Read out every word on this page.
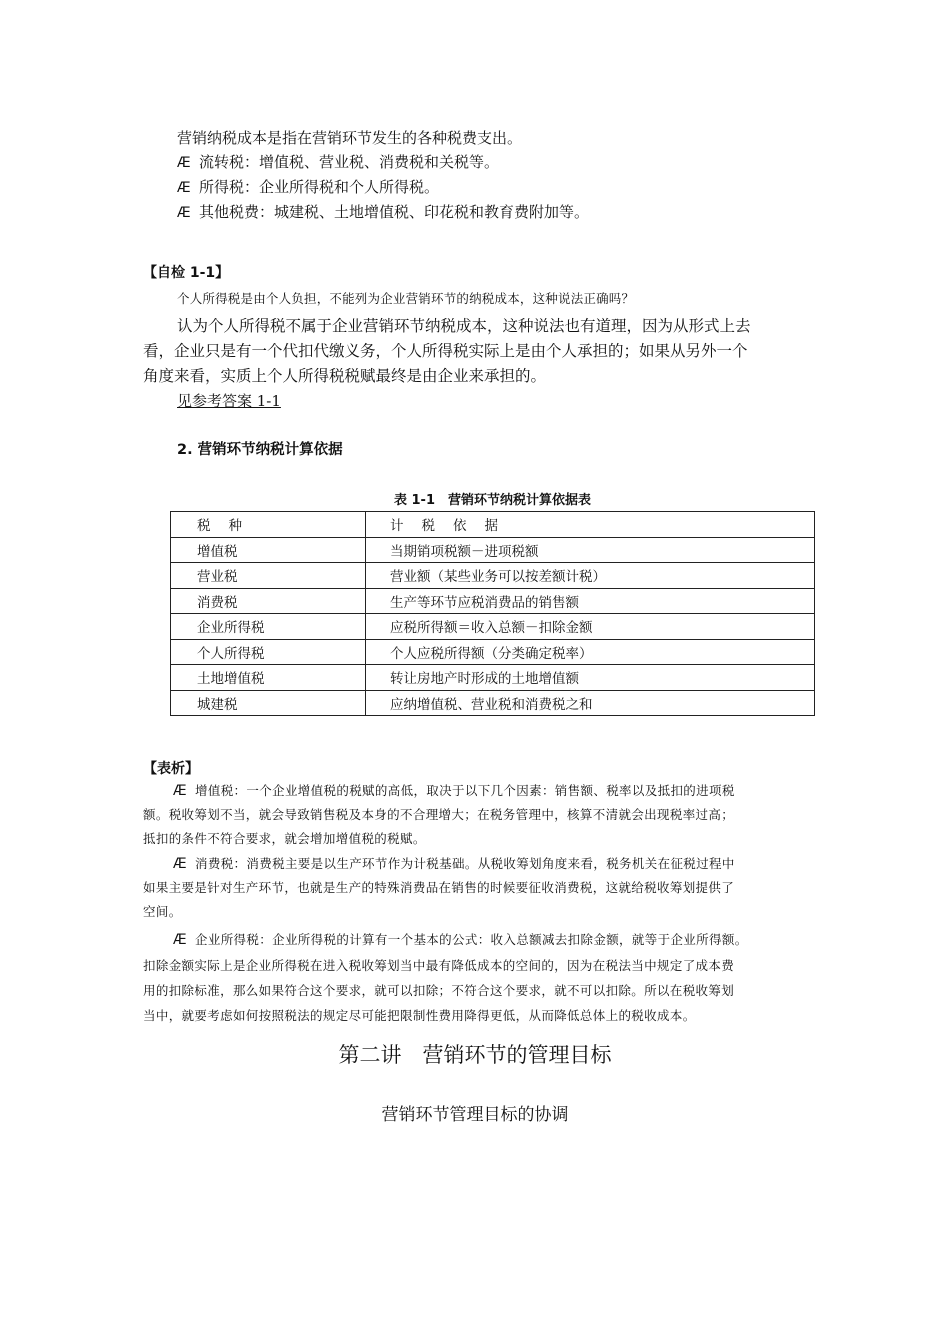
营销纳税成本是指在营销环节发生的各种税费支出。
Æ 流转税：增值税、营业税、消费税和关税等。
Æ 所得税：企业所得税和个人所得税。
Æ 其他税费：城建税、土地增值税、印花税和教育费附加等。
【自检 1-1】
个人所得税是由个人负担，不能列为企业营销环节的纳税成本，这种说法正确吗？
认为个人所得税不属于企业营销环节纳税成本，这种说法也有道理，因为从形式上去
看，企业只是有一个代扣代缴义务，个人所得税实际上是由个人承担的；如果从另外一个
角度来看，实质上个人所得税税赋最终是由企业来承担的。
见参考答案 1-1
2. 营销环节纳税计算依据
表 1-1　营销环节纳税计算依据表
税种	计税依据
增值税	当期销项税额－进项税额
营业税	营业额（某些业务可以按差额计税）
消费税	生产等环节应税消费品的销售额
企业所得税	应税所得额＝收入总额－扣除金额
个人所得税	个人应税所得额（分类确定税率）
土地增值税	转让房地产时形成的土地增值额
城建税	应纳增值税、营业税和消费税之和
【表析】
Æ 增值税：一个企业增值税的税赋的高低，取决于以下几个因素：销售额、税率以及抵扣的进项税
额。税收筹划不当，就会导致销售税及本身的不合理增大；在税务管理中，核算不清就会出现税率过高；
抵扣的条件不符合要求，就会增加增值税的税赋。
Æ 消费税：消费税主要是以生产环节作为计税基础。从税收筹划角度来看，税务机关在征税过程中
如果主要是针对生产环节，也就是生产的特殊消费品在销售的时候要征收消费税，这就给税收筹划提供了
空间。
Æ 企业所得税：企业所得税的计算有一个基本的公式：收入总额减去扣除金额，就等于企业所得额。
扣除金额实际上是企业所得税在进入税收筹划当中最有降低成本的空间的，因为在税法当中规定了成本费
用的扣除标准，那么如果符合这个要求，就可以扣除；不符合这个要求，就不可以扣除。所以在税收筹划
当中，就要考虑如何按照税法的规定尽可能把限制性费用降得更低，从而降低总体上的税收成本。
第二讲　营销环节的管理目标
营销环节管理目标的协调
